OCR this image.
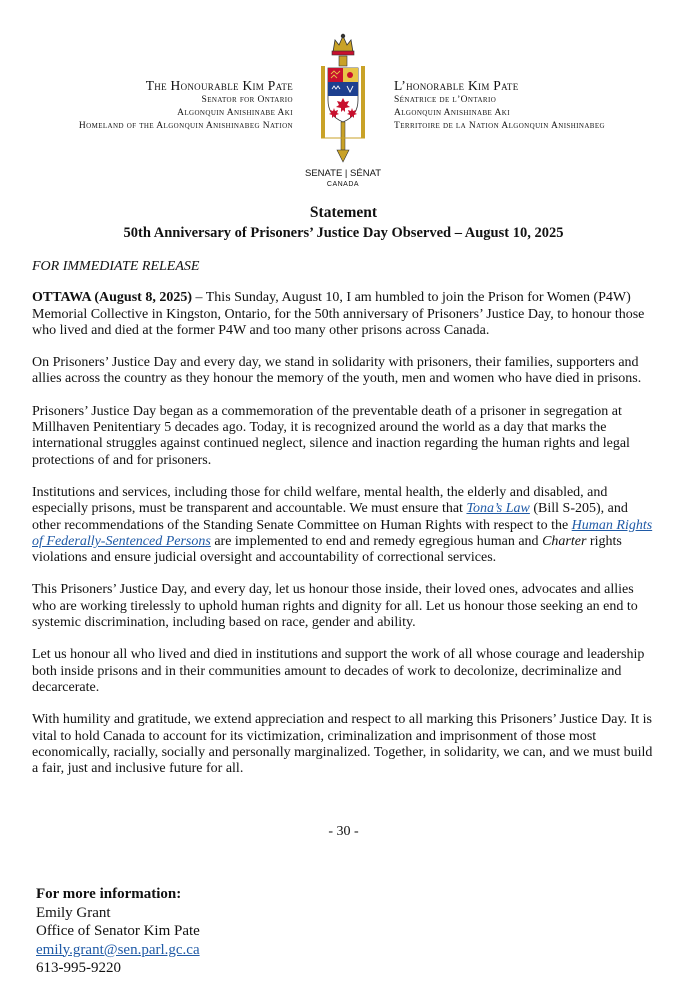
The Honourable Kim Pate
Senator for Ontario
Algonquin Anishinabe Aki
Homeland of the Algonquin Anishinabeg Nation
SENATE | SÉNAT
CANADA
L’honorable Kim Pate
Sénatrice de l’Ontario
Algonquin Anishinabe Aki
Territoire de la Nation Algonquin Anishinabeg
Statement
50th Anniversary of Prisoners’ Justice Day Observed – August 10, 2025

FOR IMMEDIATE RELEASE

OTTAWA (August 8, 2025) – This Sunday, August 10, I am humbled to join the Prison for Women (P4W) Memorial Collective in Kingston, Ontario, for the 50th anniversary of Prisoners’ Justice Day, to honour those who lived and died at the former P4W and too many other prisons across Canada.

On Prisoners’ Justice Day and every day, we stand in solidarity with prisoners, their families, supporters and allies across the country as they honour the memory of the youth, men and women who have died in prisons.

Prisoners’ Justice Day began as a commemoration of the preventable death of a prisoner in segregation at Millhaven Penitentiary 5 decades ago. Today, it is recognized around the world as a day that marks the international struggles against continued neglect, silence and inaction regarding the human rights and legal protections of and for prisoners.

Institutions and services, including those for child welfare, mental health, the elderly and disabled, and especially prisons, must be transparent and accountable. We must ensure that Tona’s Law (Bill S-205), and other recommendations of the Standing Senate Committee on Human Rights with respect to the Human Rights of Federally-Sentenced Persons are implemented to end and remedy egregious human and Charter rights violations and ensure judicial oversight and accountability of correctional services.

This Prisoners’ Justice Day, and every day, let us honour those inside, their loved ones, advocates and allies who are working tirelessly to uphold human rights and dignity for all. Let us honour those seeking an end to systemic discrimination, including based on race, gender and ability.

Let us honour all who lived and died in institutions and support the work of all whose courage and leadership both inside prisons and in their communities amount to decades of work to decolonize, decriminalize and decarcerate.

With humility and gratitude, we extend appreciation and respect to all marking this Prisoners’ Justice Day. It is vital to hold Canada to account for its victimization, criminalization and imprisonment of those most economically, racially, socially and personally marginalized. Together, in solidarity, we can, and we must build a fair, just and inclusive future for all.

- 30 -
For more information:
Emily Grant
Office of Senator Kim Pate
emily.grant@sen.parl.gc.ca
613-995-9220
